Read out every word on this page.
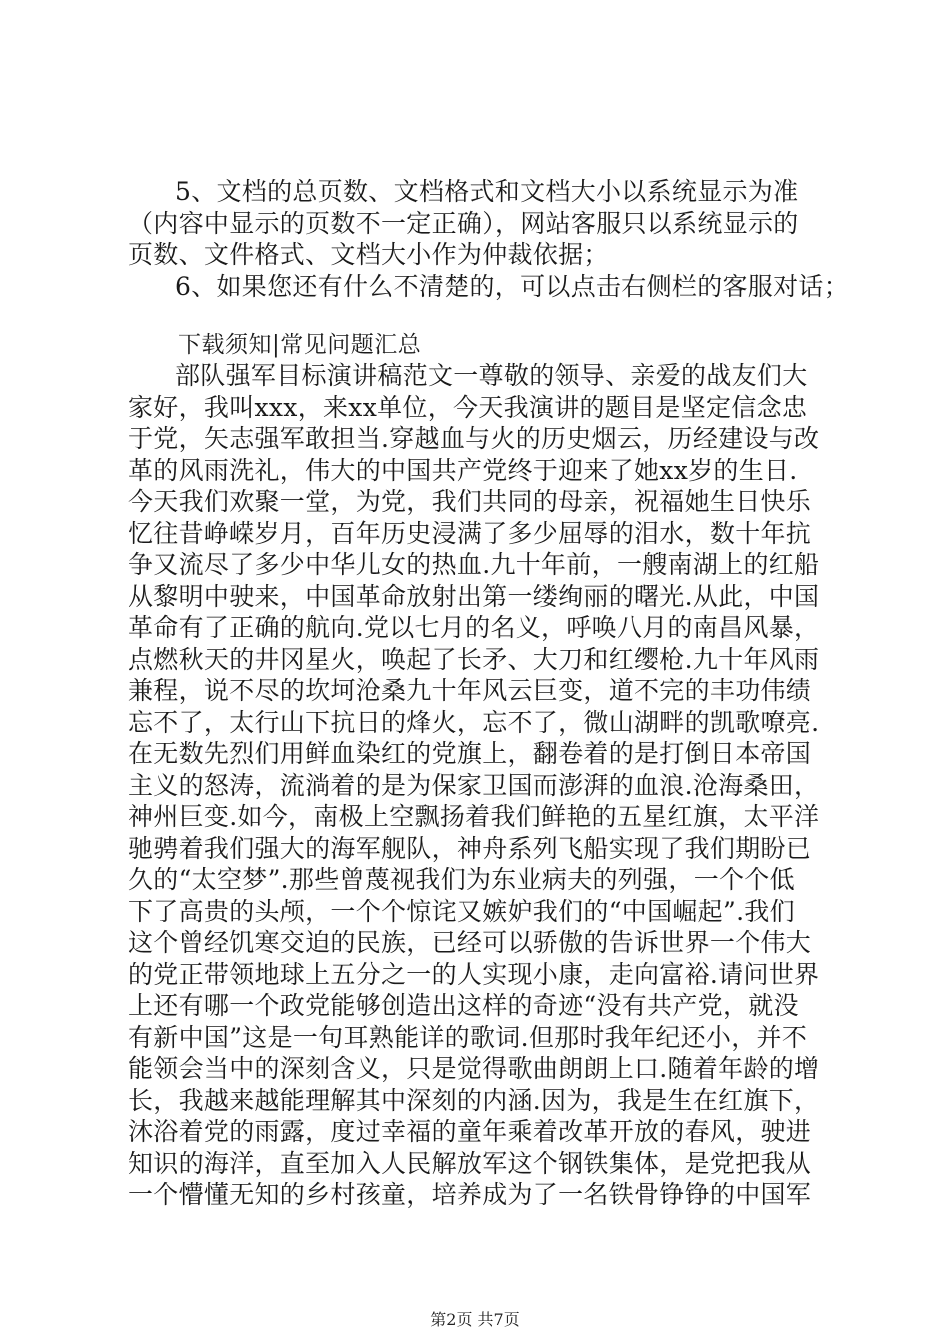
5、文档的总页数、文档格式和文档大小以系统显示为准
（内容中显示的页数不一定正确），网站客服只以系统显示的
页数、文件格式、文档大小作为仲裁依据；
6、如果您还有什么不清楚的，可以点击右侧栏的客服对话；
下载须知|常见问题汇总
部队强军目标演讲稿范文一尊敬的领导、亲爱的战友们大
家好，我叫xxx，来xx单位，今天我演讲的题目是坚定信念忠
于党，矢志强军敢担当.穿越血与火的历史烟云，历经建设与改
革的风雨洗礼，伟大的中国共产党终于迎来了她xx岁的生日.
今天我们欢聚一堂，为党，我们共同的母亲，祝福她生日快乐
忆往昔峥嵘岁月，百年历史浸满了多少屈辱的泪水，数十年抗
争又流尽了多少中华儿女的热血.九十年前，一艘南湖上的红船
从黎明中驶来，中国革命放射出第一缕绚丽的曙光.从此，中国
革命有了正确的航向.党以七月的名义，呼唤八月的南昌风暴，
点燃秋天的井冈星火，唤起了长矛、大刀和红缨枪.九十年风雨
兼程，说不尽的坎坷沧桑九十年风云巨变，道不完的丰功伟绩
忘不了，太行山下抗日的烽火，忘不了，微山湖畔的凯歌嘹亮.
在无数先烈们用鲜血染红的党旗上，翻卷着的是打倒日本帝国
主义的怒涛，流淌着的是为保家卫国而澎湃的血浪.沧海桑田，
神州巨变.如今，南极上空飘扬着我们鲜艳的五星红旗，太平洋
驰骋着我们强大的海军舰队，神舟系列飞船实现了我们期盼已
久的“太空梦”.那些曾蔑视我们为东业病夫的列强，一个个低
下了高贵的头颅，一个个惊诧又嫉妒我们的“中国崛起”.我们
这个曾经饥寒交迫的民族，已经可以骄傲的告诉世界一个伟大
的党正带领地球上五分之一的人实现小康，走向富裕.请问世界
上还有哪一个政党能够创造出这样的奇迹“没有共产党，就没
有新中国”这是一句耳熟能详的歌词.但那时我年纪还小，并不
能领会当中的深刻含义，只是觉得歌曲朗朗上口.随着年龄的增
长，我越来越能理解其中深刻的内涵.因为，我是生在红旗下，
沐浴着党的雨露，度过幸福的童年乘着改革开放的春风，驶进
知识的海洋，直至加入人民解放军这个钢铁集体，是党把我从
一个懵懂无知的乡村孩童，培养成为了一名铁骨铮铮的中国军
第2页 共7页
